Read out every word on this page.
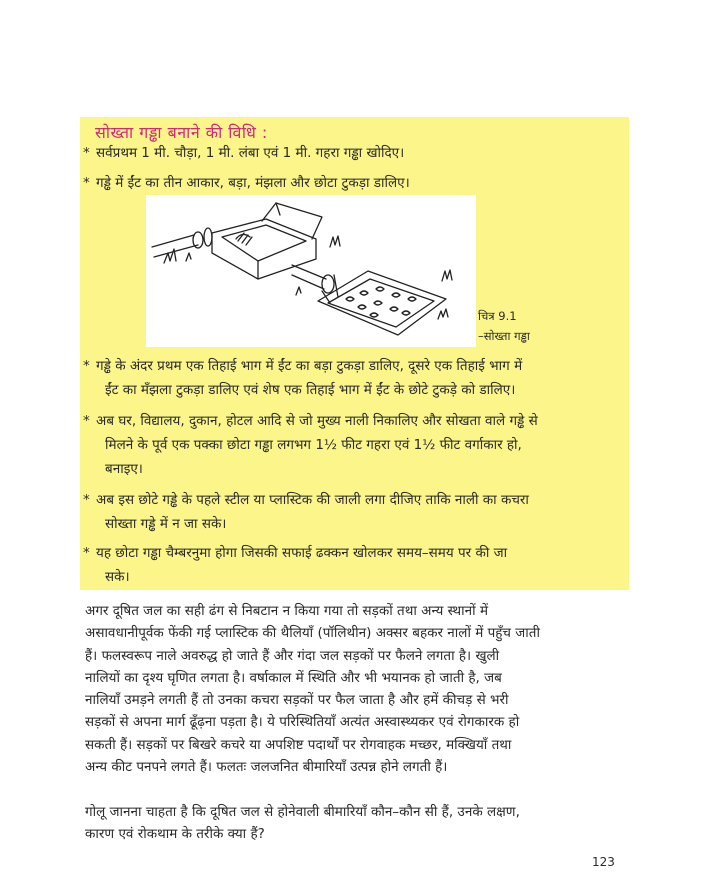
सोख्ता गड्ढा बनाने की विधि :
* सर्वप्रथम 1 मी. चौड़ा, 1 मी. लंबा एवं 1 मी. गहरा गड्ढा खोदिए।
* गड्ढे में ईंट का तीन आकार, बड़ा, मंझला और छोटा टुकड़ा डालिए।
चित्र 9.1
–सोख्ता गड्ढा
* गड्ढे के अंदर प्रथम एक तिहाई भाग में ईंट का बड़ा टुकड़ा डालिए, दूसरे एक तिहाई भाग में
ईंट का मँझला टुकड़ा डालिए एवं शेष एक तिहाई भाग में ईंट के छोटे टुकड़े को डालिए।
* अब घर, विद्यालय, दुकान, होटल आदि से जो मुख्य नाली निकालिए और सोखता वाले गड्ढे से
मिलने के पूर्व एक पक्का छोटा गड्ढा लगभग 1½ फीट गहरा एवं 1½ फीट वर्गाकार हो,
बनाइए।
* अब इस छोटे गड्ढे के पहले स्टील या प्लास्टिक की जाली लगा दीजिए ताकि नाली का कचरा
सोख्ता गड्ढे में न जा सके।
* यह छोटा गड्ढा चैम्बरनुमा होगा जिसकी सफाई ढक्कन खोलकर समय–समय पर की जा
सके।
अगर दूषित जल का सही ढंग से निबटान न किया गया तो सड़कों तथा अन्य स्थानों में
असावधानीपूर्वक फेंकी गई प्लास्टिक की थैलियाँ (पॉलिथीन) अक्सर बहकर नालों में पहुँच जाती
हैं। फलस्वरूप नाले अवरुद्ध हो जाते हैं और गंदा जल सड़कों पर फैलने लगता है। खुली
नालियों का दृश्य घृणित लगता है। वर्षाकाल में स्थिति और भी भयानक हो जाती है, जब
नालियाँ उमड़ने लगती हैं तो उनका कचरा सड़कों पर फैल जाता है और हमें कीचड़ से भरी
सड़कों से अपना मार्ग ढूँढ़ना पड़ता है। ये परिस्थितियाँ अत्यंत अस्वास्थ्यकर एवं रोगकारक हो
सकती हैं। सड़कों पर बिखरे कचरे या अपशिष्ट पदार्थों पर रोगवाहक मच्छर, मक्खियाँ तथा
अन्य कीट पनपने लगते हैं। फलतः जलजनित बीमारियाँ उत्पन्न होने लगती हैं।
गोलू जानना चाहता है कि दूषित जल से होनेवाली बीमारियाँ कौन–कौन सी हैं, उनके लक्षण,
कारण एवं रोकथाम के तरीके क्या हैं?
123
